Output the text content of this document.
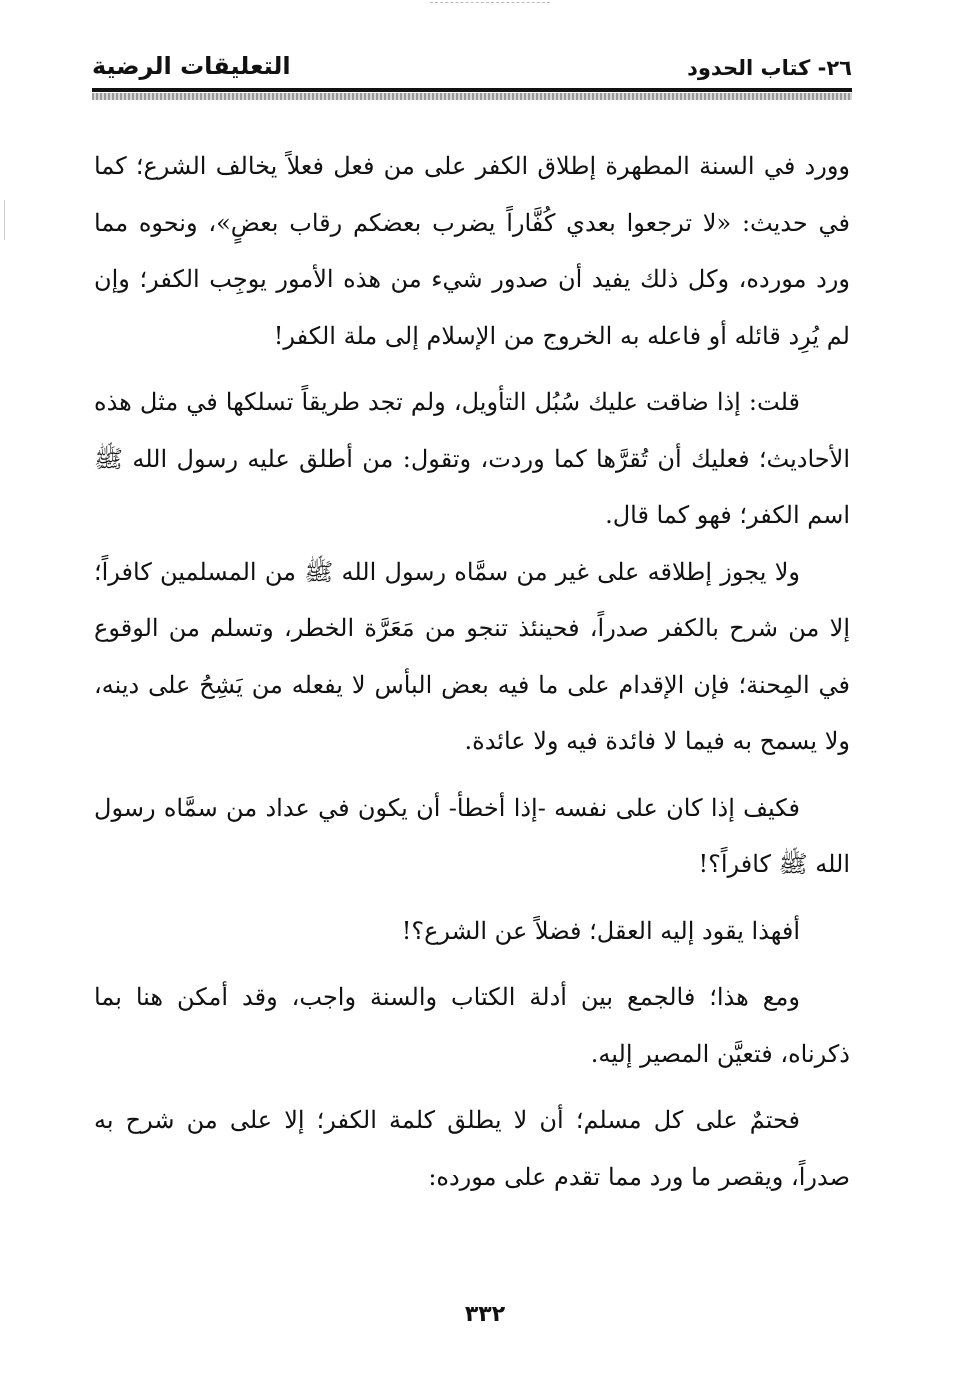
٢٦- كتاب الحدود
التعليقات الرضية

وورد في السنة المطهرة إطلاق الكفر على من فعل فعلاً يخالف الشرع؛ كما في حديث: «لا ترجعوا بعدي كُفَّاراً يضرب بعضكم رقاب بعضٍ»، ونحوه مما ورد مورده، وكل ذلك يفيد أن صدور شيء من هذه الأمور يوجِب الكفر؛ وإن لم يُرِد قائله أو فاعله به الخروج من الإسلام إلى ملة الكفر!

قلت: إذا ضاقت عليك سُبُل التأويل، ولم تجد طريقاً تسلكها في مثل هذه الأحاديث؛ فعليك أن تُقرَّها كما وردت، وتقول: من أطلق عليه رسول الله ﷺ اسم الكفر؛ فهو كما قال.

ولا يجوز إطلاقه على غير من سمَّاه رسول الله ﷺ من المسلمين كافراً؛ إلا من شرح بالكفر صدراً، فحينئذ تنجو من مَعَرَّة الخطر، وتسلم من الوقوع في المِحنة؛ فإن الإقدام على ما فيه بعض البأس لا يفعله من يَشِحُ على دينه، ولا يسمح به فيما لا فائدة فيه ولا عائدة.

فكيف إذا كان على نفسه -إذا أخطأ- أن يكون في عداد من سمَّاه رسول الله ﷺ كافراً؟!

أفهذا يقود إليه العقل؛ فضلاً عن الشرع؟!

ومع هذا؛ فالجمع بين أدلة الكتاب والسنة واجب، وقد أمكن هنا بما ذكرناه، فتعيَّن المصير إليه.

فحتمٌ على كل مسلم؛ أن لا يطلق كلمة الكفر؛ إلا على من شرح به صدراً، ويقصر ما ورد مما تقدم على مورده:

٣٣٢
